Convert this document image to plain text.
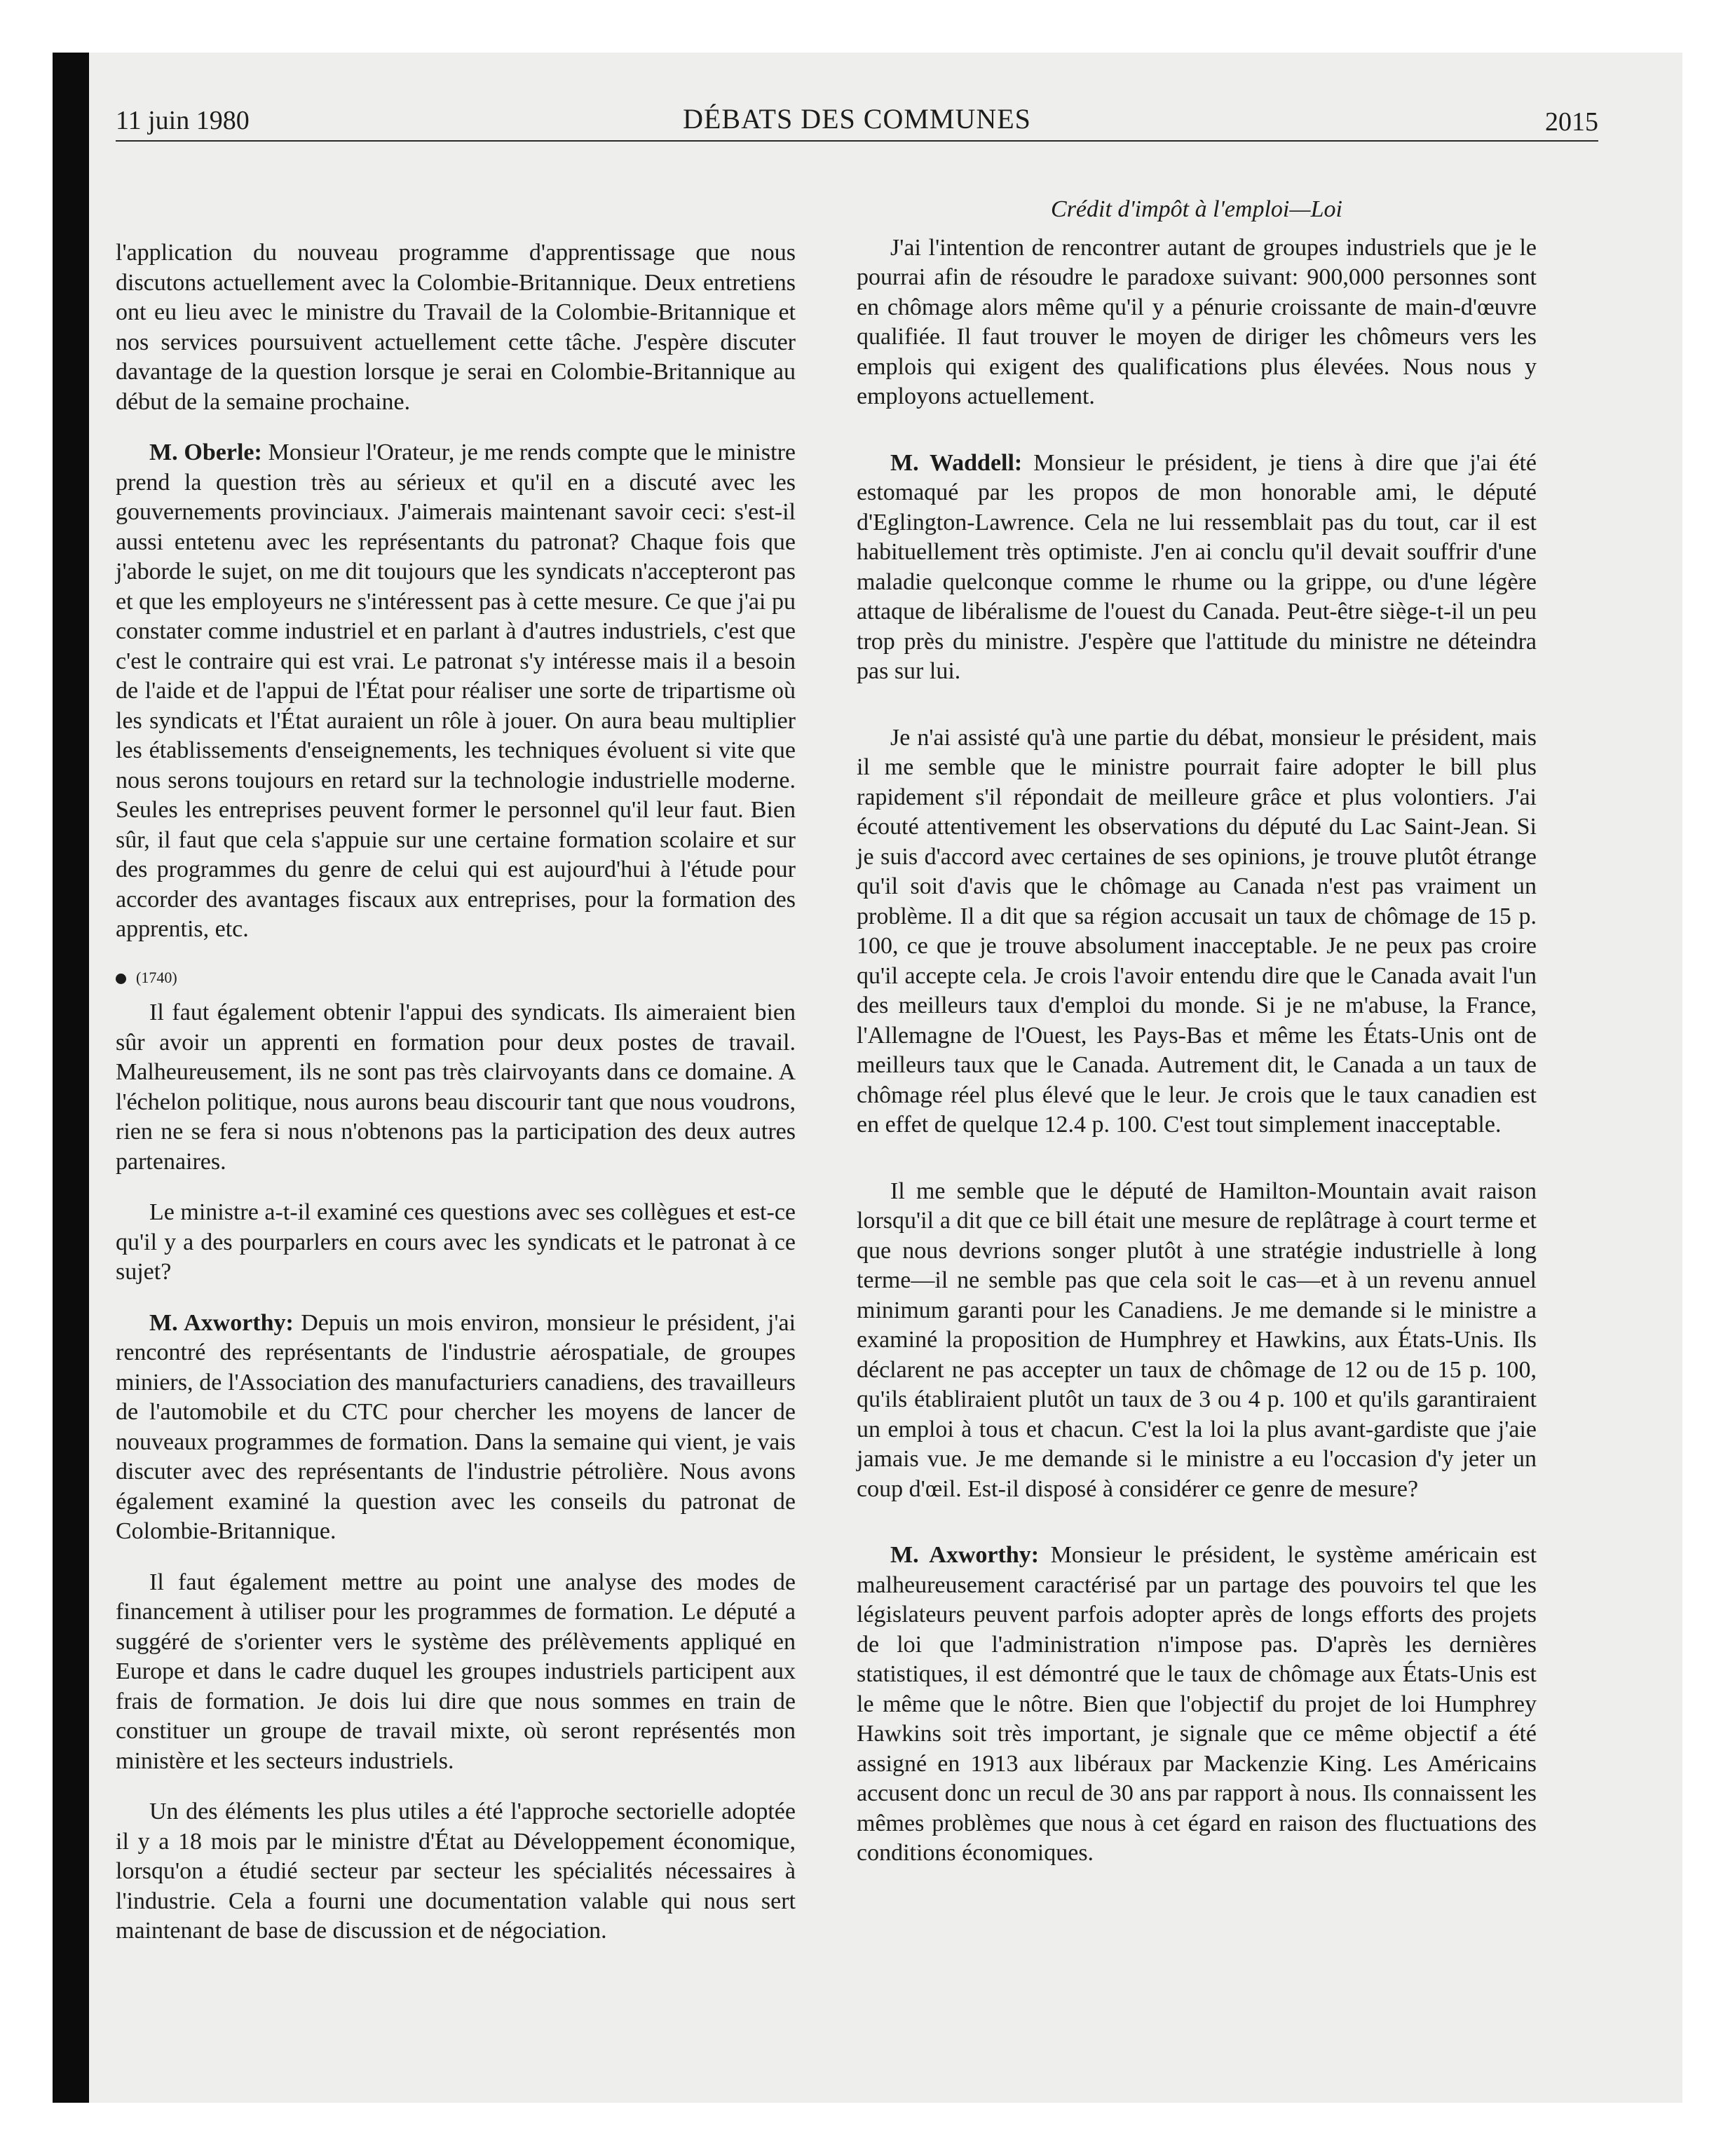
11 juin 1980	DÉBATS DES COMMUNES	2015

l'application du nouveau programme d'apprentissage que nous discutons actuellement avec la Colombie-Britannique. Deux entretiens ont eu lieu avec le ministre du Travail de la Colombie-Britannique et nos services poursuivent actuellement cette tâche. J'espère discuter davantage de la question lorsque je serai en Colombie-Britannique au début de la semaine prochaine.

M. Oberle: Monsieur l'Orateur, je me rends compte que le ministre prend la question très au sérieux et qu'il en a discuté avec les gouvernements provinciaux. J'aimerais maintenant savoir ceci: s'est-il aussi entetenu avec les représentants du patronat? Chaque fois que j'aborde le sujet, on me dit toujours que les syndicats n'accepteront pas et que les employeurs ne s'intéressent pas à cette mesure. Ce que j'ai pu constater comme industriel et en parlant à d'autres industriels, c'est que c'est le contraire qui est vrai. Le patronat s'y intéresse mais il a besoin de l'aide et de l'appui de l'État pour réaliser une sorte de tripartisme où les syndicats et l'État auraient un rôle à jouer. On aura beau multiplier les établissements d'enseignements, les techniques évoluent si vite que nous serons toujours en retard sur la technologie industrielle moderne. Seules les entreprises peuvent former le personnel qu'il leur faut. Bien sûr, il faut que cela s'appuie sur une certaine formation scolaire et sur des programmes du genre de celui qui est aujourd'hui à l'étude pour accorder des avantages fiscaux aux entreprises, pour la formation des apprentis, etc.

(1740)

Il faut également obtenir l'appui des syndicats. Ils aimeraient bien sûr avoir un apprenti en formation pour deux postes de travail. Malheureusement, ils ne sont pas très clairvoyants dans ce domaine. A l'échelon politique, nous aurons beau discourir tant que nous voudrons, rien ne se fera si nous n'obtenons pas la participation des deux autres partenaires.

Le ministre a-t-il examiné ces questions avec ses collègues et est-ce qu'il y a des pourparlers en cours avec les syndicats et le patronat à ce sujet?

M. Axworthy: Depuis un mois environ, monsieur le président, j'ai rencontré des représentants de l'industrie aérospatiale, de groupes miniers, de l'Association des manufacturiers canadiens, des travailleurs de l'automobile et du CTC pour chercher les moyens de lancer de nouveaux programmes de formation. Dans la semaine qui vient, je vais discuter avec des représentants de l'industrie pétrolière. Nous avons également examiné la question avec les conseils du patronat de Colombie-Britannique.

Il faut également mettre au point une analyse des modes de financement à utiliser pour les programmes de formation. Le député a suggéré de s'orienter vers le système des prélèvements appliqué en Europe et dans le cadre duquel les groupes industriels participent aux frais de formation. Je dois lui dire que nous sommes en train de constituer un groupe de travail mixte, où seront représentés mon ministère et les secteurs industriels.

Un des éléments les plus utiles a été l'approche sectorielle adoptée il y a 18 mois par le ministre d'État au Développement économique, lorsqu'on a étudié secteur par secteur les spécialités nécessaires à l'industrie. Cela a fourni une documentation valable qui nous sert maintenant de base de discussion et de négociation.

Crédit d'impôt à l'emploi—Loi

J'ai l'intention de rencontrer autant de groupes industriels que je le pourrai afin de résoudre le paradoxe suivant: 900,000 personnes sont en chômage alors même qu'il y a pénurie croissante de main-d'œuvre qualifiée. Il faut trouver le moyen de diriger les chômeurs vers les emplois qui exigent des qualifications plus élevées. Nous nous y employons actuellement.

M. Waddell: Monsieur le président, je tiens à dire que j'ai été estomaqué par les propos de mon honorable ami, le député d'Eglington-Lawrence. Cela ne lui ressemblait pas du tout, car il est habituellement très optimiste. J'en ai conclu qu'il devait souffrir d'une maladie quelconque comme le rhume ou la grippe, ou d'une légère attaque de libéralisme de l'ouest du Canada. Peut-être siège-t-il un peu trop près du ministre. J'espère que l'attitude du ministre ne déteindra pas sur lui.

Je n'ai assisté qu'à une partie du débat, monsieur le président, mais il me semble que le ministre pourrait faire adopter le bill plus rapidement s'il répondait de meilleure grâce et plus volontiers. J'ai écouté attentivement les observations du député du Lac Saint-Jean. Si je suis d'accord avec certaines de ses opinions, je trouve plutôt étrange qu'il soit d'avis que le chômage au Canada n'est pas vraiment un problème. Il a dit que sa région accusait un taux de chômage de 15 p. 100, ce que je trouve absolument inacceptable. Je ne peux pas croire qu'il accepte cela. Je crois l'avoir entendu dire que le Canada avait l'un des meilleurs taux d'emploi du monde. Si je ne m'abuse, la France, l'Allemagne de l'Ouest, les Pays-Bas et même les États-Unis ont de meilleurs taux que le Canada. Autrement dit, le Canada a un taux de chômage réel plus élevé que le leur. Je crois que le taux canadien est en effet de quelque 12.4 p. 100. C'est tout simplement inacceptable.

Il me semble que le député de Hamilton-Mountain avait raison lorsqu'il a dit que ce bill était une mesure de replâtrage à court terme et que nous devrions songer plutôt à une stratégie industrielle à long terme—il ne semble pas que cela soit le cas—et à un revenu annuel minimum garanti pour les Canadiens. Je me demande si le ministre a examiné la proposition de Humphrey et Hawkins, aux États-Unis. Ils déclarent ne pas accepter un taux de chômage de 12 ou de 15 p. 100, qu'ils établiraient plutôt un taux de 3 ou 4 p. 100 et qu'ils garantiraient un emploi à tous et chacun. C'est la loi la plus avant-gardiste que j'aie jamais vue. Je me demande si le ministre a eu l'occasion d'y jeter un coup d'œil. Est-il disposé à considérer ce genre de mesure?

M. Axworthy: Monsieur le président, le système américain est malheureusement caractérisé par un partage des pouvoirs tel que les législateurs peuvent parfois adopter après de longs efforts des projets de loi que l'administration n'impose pas. D'après les dernières statistiques, il est démontré que le taux de chômage aux États-Unis est le même que le nôtre. Bien que l'objectif du projet de loi Humphrey Hawkins soit très important, je signale que ce même objectif a été assigné en 1913 aux libéraux par Mackenzie King. Les Américains accusent donc un recul de 30 ans par rapport à nous. Ils connaissent les mêmes problèmes que nous à cet égard en raison des fluctuations des conditions économiques.
